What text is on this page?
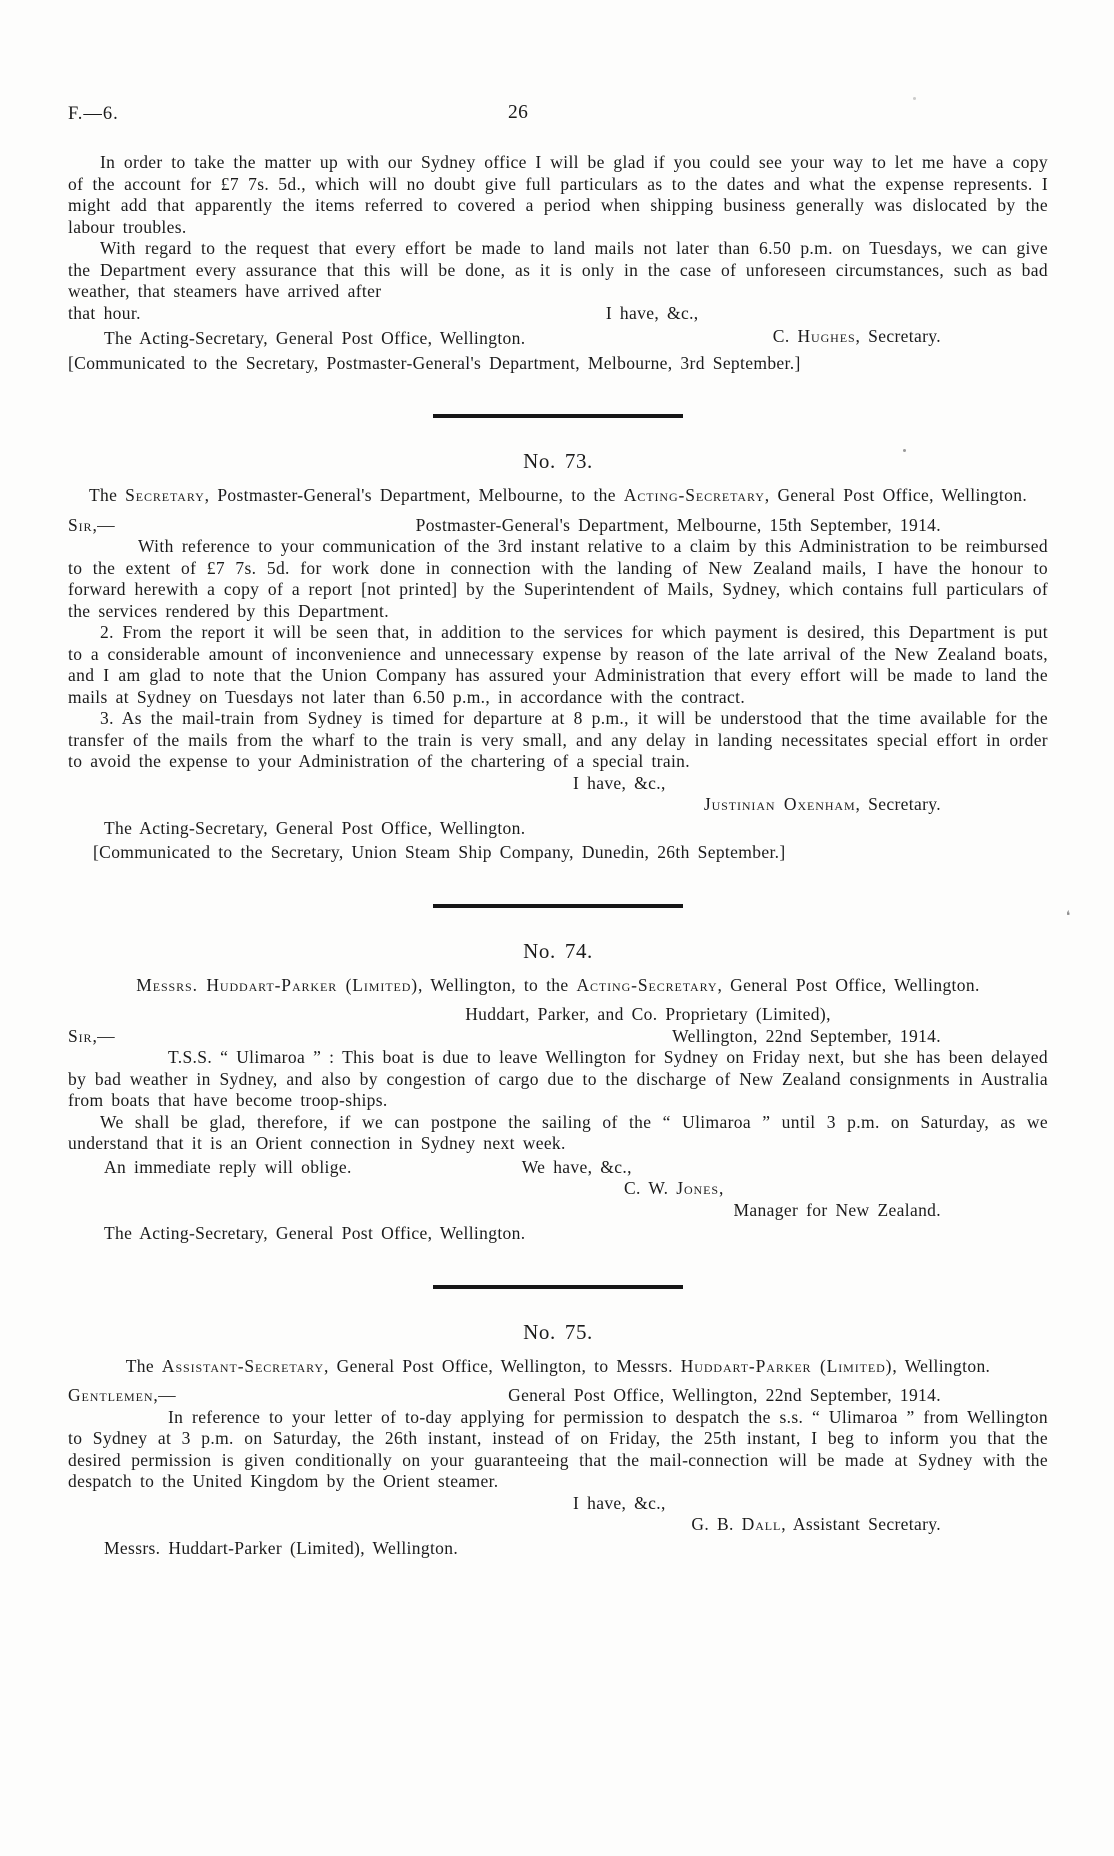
F.—6.	26

In order to take the matter up with our Sydney office I will be glad if you could see your way to let me have a copy of the account for £7 7s. 5d., which will no doubt give full particulars as to the dates and what the expense represents. I might add that apparently the items referred to covered a period when shipping business generally was dislocated by the labour troubles.

With regard to the request that every effort be made to land mails not later than 6.50 p.m. on Tuesdays, we can give the Department every assurance that this will be done, as it is only in the case of unforeseen circumstances, such as bad weather, that steamers have arrived after

that hour.	I have, &c.,
The Acting-Secretary, General Post Office, Wellington.	C. Hughes, Secretary.

[Communicated to the Secretary, Postmaster-General's Department, Melbourne, 3rd September.]

No. 73.

The Secretary, Postmaster-General's Department, Melbourne, to the Acting-Secretary, General Post Office, Wellington.

Sir,—	Postmaster-General's Department, Melbourne, 15th September, 1914.

With reference to your communication of the 3rd instant relative to a claim by this Administration to be reimbursed to the extent of £7 7s. 5d. for work done in connection with the landing of New Zealand mails, I have the honour to forward herewith a copy of a report [not printed] by the Superintendent of Mails, Sydney, which contains full particulars of the services rendered by this Department.

2. From the report it will be seen that, in addition to the services for which payment is desired, this Department is put to a considerable amount of inconvenience and unnecessary expense by reason of the late arrival of the New Zealand boats, and I am glad to note that the Union Company has assured your Administration that every effort will be made to land the mails at Sydney on Tuesdays not later than 6.50 p.m., in accordance with the contract.

3. As the mail-train from Sydney is timed for departure at 8 p.m., it will be understood that the time available for the transfer of the mails from the wharf to the train is very small, and any delay in landing necessitates special effort in order to avoid the expense to your Administration of the chartering of a special train.

I have, &c.,

Justinian Oxenham, Secretary.

The Acting-Secretary, General Post Office, Wellington.

[Communicated to the Secretary, Union Steam Ship Company, Dunedin, 26th September.]

No. 74.

Messrs. Huddart-Parker (Limited), Wellington, to the Acting-Secretary, General Post Office, Wellington.

Huddart, Parker, and Co. Proprietary (Limited),

Sir,—	Wellington, 22nd September, 1914.

T.S.S. “ Ulimaroa ” : This boat is due to leave Wellington for Sydney on Friday next, but she has been delayed by bad weather in Sydney, and also by congestion of cargo due to the discharge of New Zealand consignments in Australia from boats that have become troop-ships.

We shall be glad, therefore, if we can postpone the sailing of the “ Ulimaroa ” until 3 p.m. on Saturday, as we understand that it is an Orient connection in Sydney next week.

An immediate reply will oblige.	We have, &c.,

C. W. Jones,

Manager for New Zealand.

The Acting-Secretary, General Post Office, Wellington.

No. 75.

The Assistant-Secretary, General Post Office, Wellington, to Messrs. Huddart-Parker (Limited), Wellington.

Gentlemen,—	General Post Office, Wellington, 22nd September, 1914.

In reference to your letter of to-day applying for permission to despatch the s.s. “ Ulimaroa ” from Wellington to Sydney at 3 p.m. on Saturday, the 26th instant, instead of on Friday, the 25th instant, I beg to inform you that the desired permission is given conditionally on your guaranteeing that the mail-connection will be made at Sydney with the despatch to the United Kingdom by the Orient steamer.

I have, &c.,

G. B. Dall, Assistant Secretary.

Messrs. Huddart-Parker (Limited), Wellington.

❛
